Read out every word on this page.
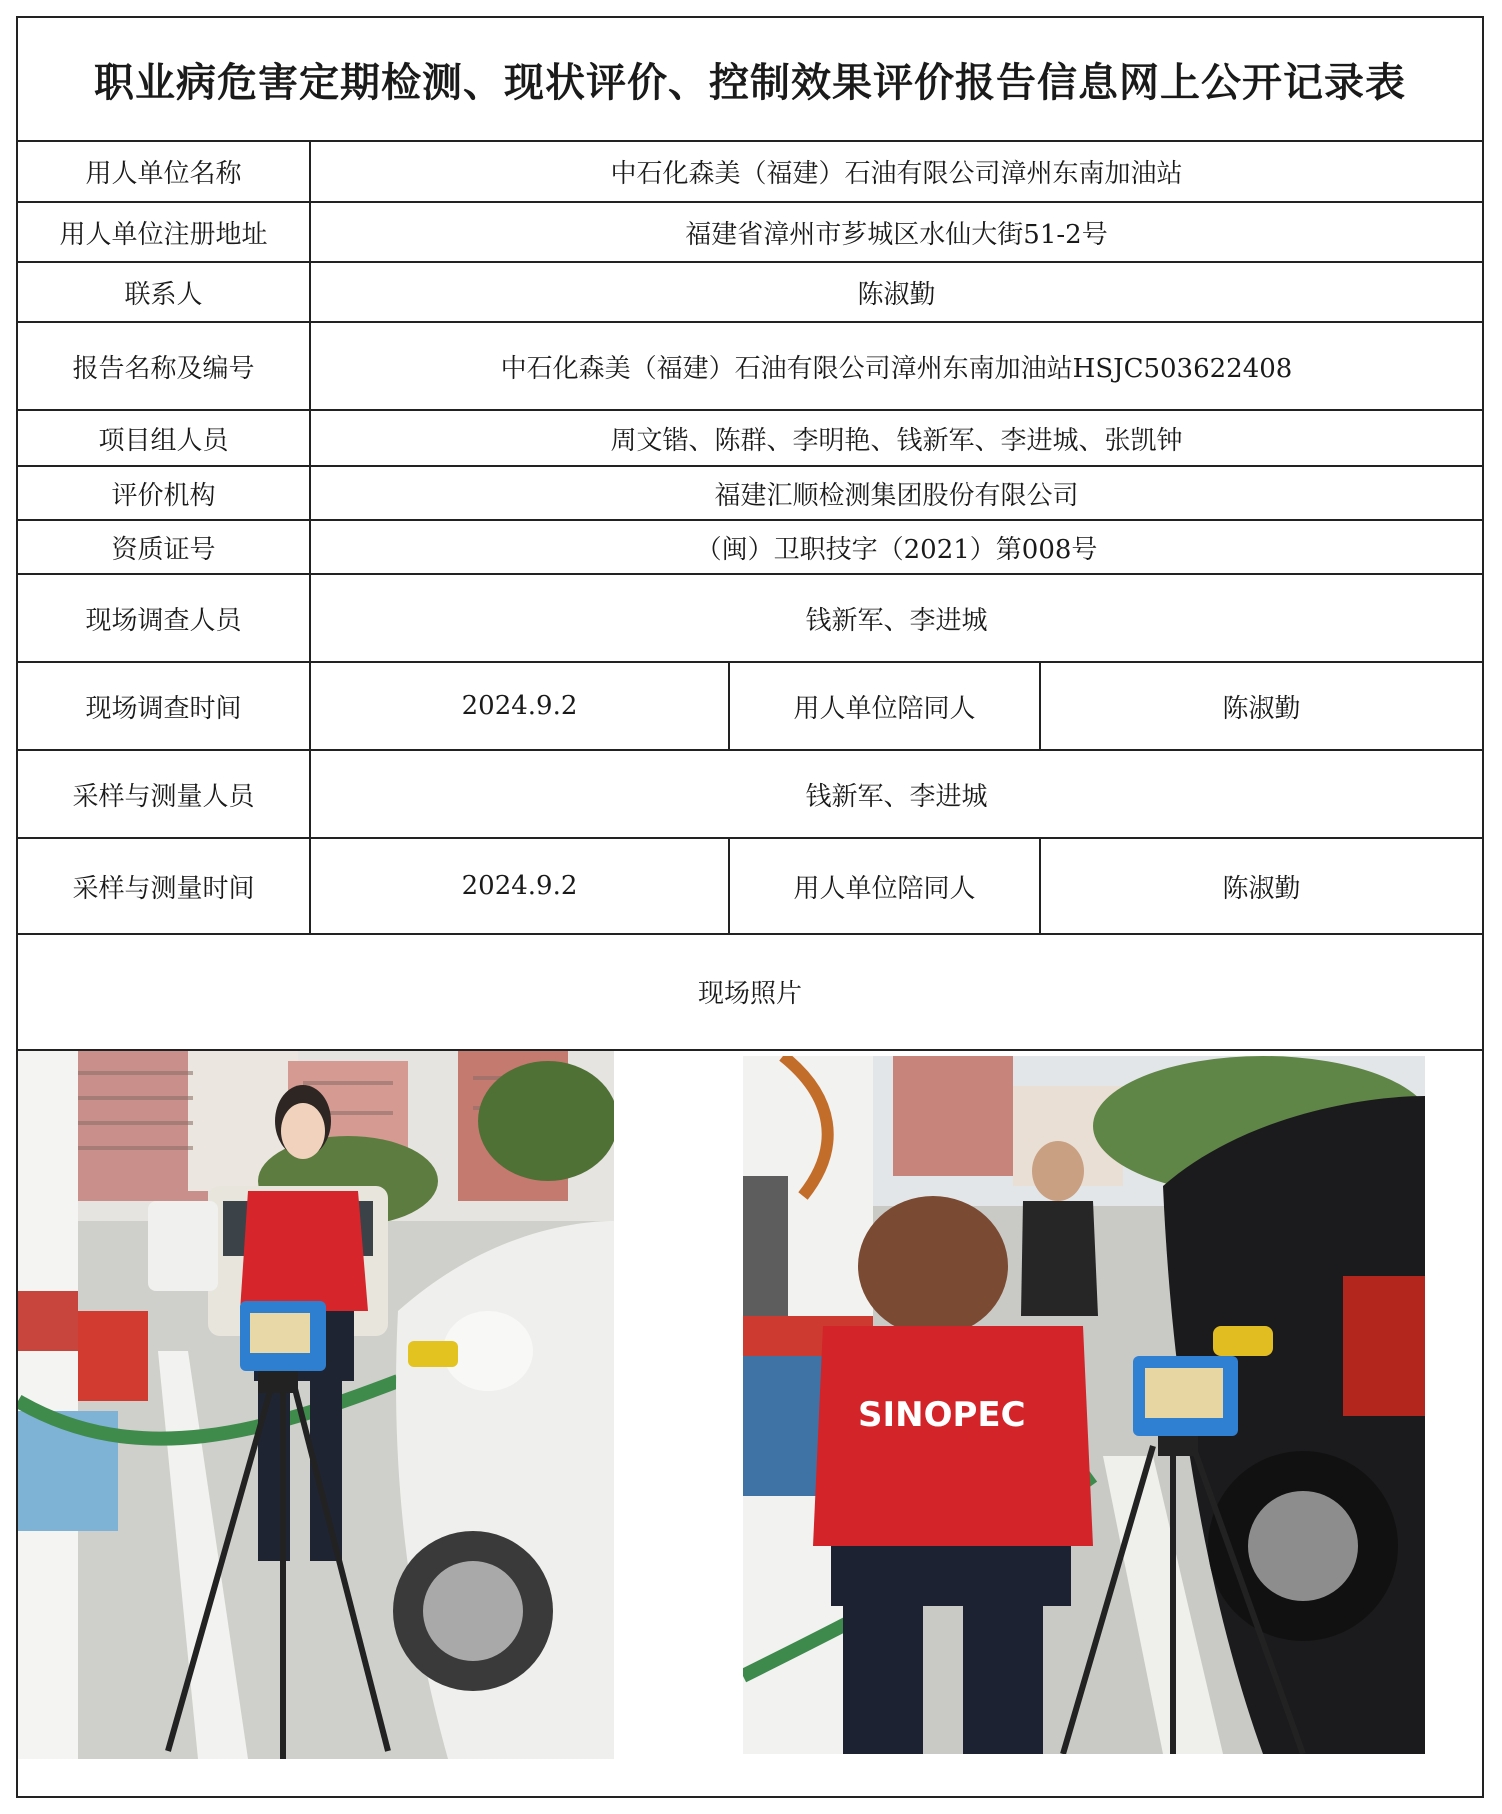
职业病危害定期检测、现状评价、控制效果评价报告信息网上公开记录表
用人单位名称	中石化森美（福建）石油有限公司漳州东南加油站		
用人单位注册地址	福建省漳州市芗城区水仙大街51-2号		
联系人	陈淑勤		
报告名称及编号	中石化森美（福建）石油有限公司漳州东南加油站HSJC503622408		
项目组人员	周文锴、陈群、李明艳、钱新军、李进城、张凯钟		
评价机构	福建汇顺检测集团股份有限公司		
资质证号	（闽）卫职技字（2021）第008号		
现场调查人员	钱新军、李进城		
现场调查时间	2024.9.2	用人单位陪同人	陈淑勤
采样与测量人员	钱新军、李进城		
采样与测量时间	2024.9.2	用人单位陪同人	陈淑勤
现场照片
SINOPEC
